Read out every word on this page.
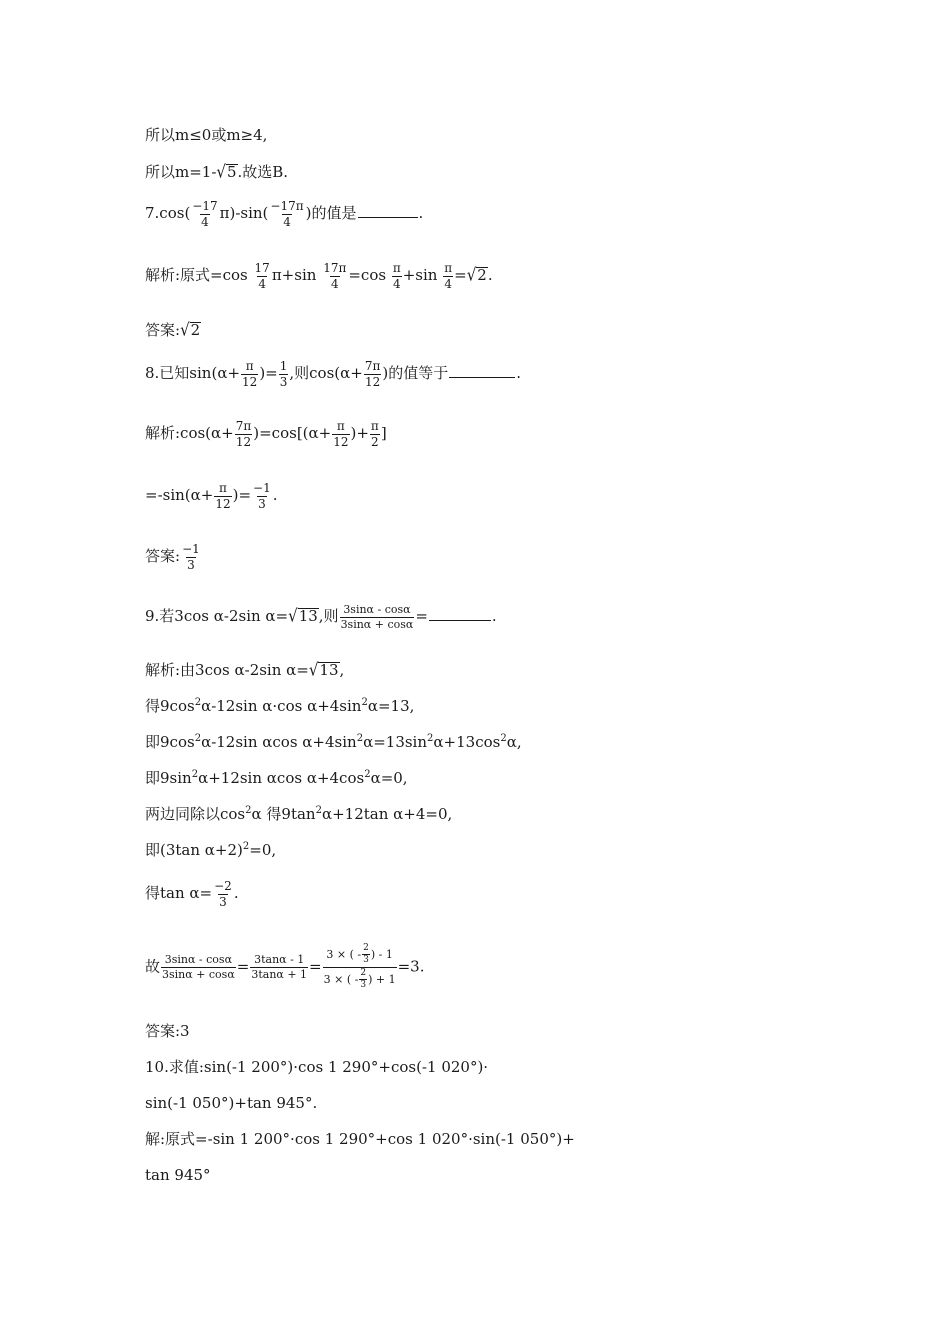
所以m≤0或m≥4,
所以m=1-√5.故选B.
$7.\cos( \frac{-17}{4} \pi)-\sin( \frac{-17\pi}{4}$ )的值是	.
解析:原式$=\cos \frac{17}{4} \pi+\sin \frac{17\pi}{4} =\cos \frac{\pi}{4} +\sin \frac{\pi}{4} =√2$.
答案:√2
8.已知$\sin(\alpha+ \frac{\pi}{12}$ )= $\frac{1}{3}$ ,则$\cos(\alpha+ \frac{7\pi}{12}$ )的值等于	.
解析:cos(α+ $\frac{7\pi}{12} )=\cos[(\alpha+ \frac{\pi}{12}$ )+ $\frac{\pi}{2}$ ]
$=-\sin(\alpha+ \frac{\pi}{12}$ )= $\frac{-1}{3}$ .
答案: $\frac{-1}{3}$
9.若3cos α-2sin α=√13,则 $\frac{3\sin\alpha - \cos\alpha}{3\sin\alpha + \cos\alpha}$ =	.
解析:由3cos α-2sin α=√13,
得$9\cos^2\alpha-12\sin$ α·cos $\alpha+4\sin^2\alpha=13$,
即$9\cos^2\alpha-12\sin$ αcos $\alpha+4\sin^2\alpha=13\sin^2\alpha+13\cos^2\alpha$,
即$9\sin^2\alpha+12\sin$ αcos $\alpha+4\cos^2\alpha=0$,
两边同除以$\cos^2\alpha$ 得$9\tan^2\alpha+12\tan$ α+4=0,
即(3tan α+2)$^2$=0,
得$\tan \alpha= \frac{-2}{3}$ .
故 $\frac{3\sin\alpha - \cos\alpha}{3\sin\alpha + \cos\alpha} = \frac{3\tan\alpha - 1}{3\tan\alpha + 1} = \frac{3 \times ( - \frac{2}{3} ) - 1}{3 \times ( - \frac{2}{3} ) + 1} =3$.
答案:3
10.求值:sin(-1 200°)·cos 1 290°+cos(-1 020°)·
sin(-1 050°)+tan 945°.
解:原式=-sin 1 200°·cos 1 290°+cos 1 020°·sin(-1 050°)+
tan 945°
